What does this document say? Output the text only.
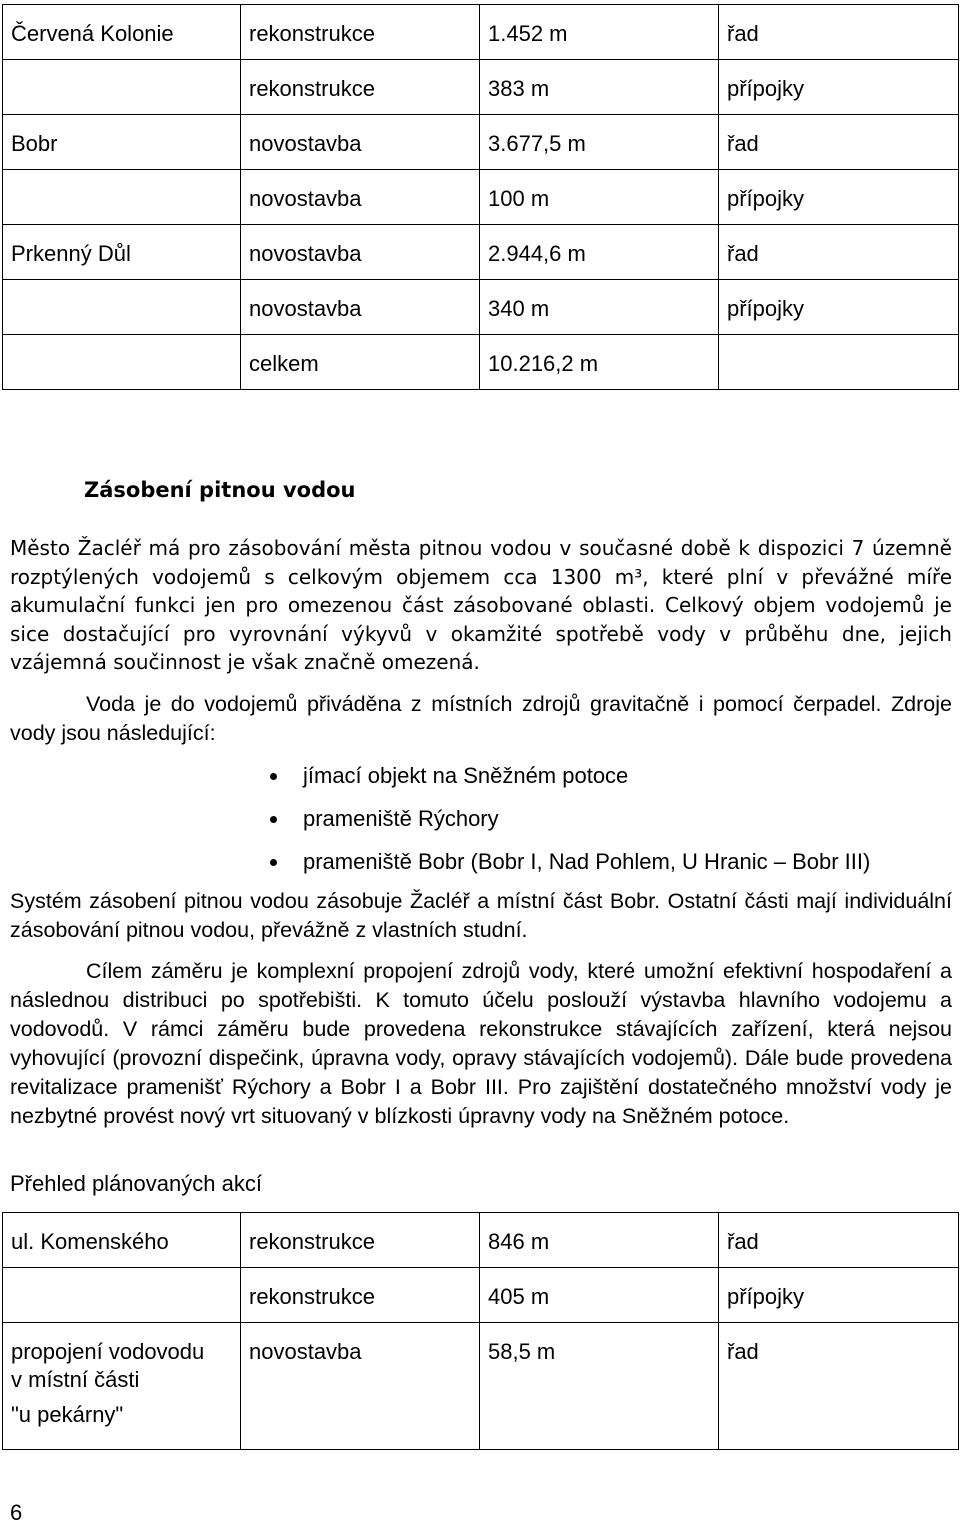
Červená Kolonie	rekonstrukce	1.452 m	řad
	rekonstrukce	383 m	přípojky
Bobr	novostavba	3.677,5 m	řad
	novostavba	100 m	přípojky
Prkenný Důl	novostavba	2.944,6 m	řad
	novostavba	340 m	přípojky
	celkem	10.216,2 m	
Zásobení pitnou vodou

Město Žacléř má pro zásobování města pitnou vodou v současné době k dispozici 7 územně rozptýlených vodojemů s celkovým objemem cca 1300 m³, které plní v převážné míře akumulační funkci jen pro omezenou část zásobované oblasti. Celkový objem vodojemů je sice dostačující pro vyrovnání výkyvů v okamžité spotřebě vody v průběhu dne, jejich vzájemná součinnost je však značně omezená.

Voda je do vodojemů přiváděna z místních zdrojů gravitačně i pomocí čerpadel. Zdroje vody jsou následující:

jímací objekt na Sněžném potoce
prameniště Rýchory
prameniště Bobr (Bobr I, Nad Pohlem, U Hranic – Bobr III)

Systém zásobení pitnou vodou zásobuje Žacléř a místní část Bobr. Ostatní části mají individuální zásobování pitnou vodou, převážně z vlastních studní.

Cílem záměru je komplexní propojení zdrojů vody, které umožní efektivní hospodaření a následnou distribuci po spotřebišti. K tomuto účelu poslouží výstavba hlavního vodojemu a vodovodů. V rámci záměru bude provedena rekonstrukce stávajících zařízení, která nejsou vyhovující (provozní dispečink, úpravna vody, opravy stávajících vodojemů). Dále bude provedena revitalizace pramenišť Rýchory a Bobr I a Bobr III. Pro zajištění dostatečného množství vody je nezbytné provést nový vrt situovaný v blízkosti úpravny vody na Sněžném potoce.

Přehled plánovaných akcí
ul. Komenského	rekonstrukce	846 m	řad
	rekonstrukce	405 m	přípojky

propojení vodovodu
v místní části
"u pekárny"	novostavba	58,5 m	řad
6
